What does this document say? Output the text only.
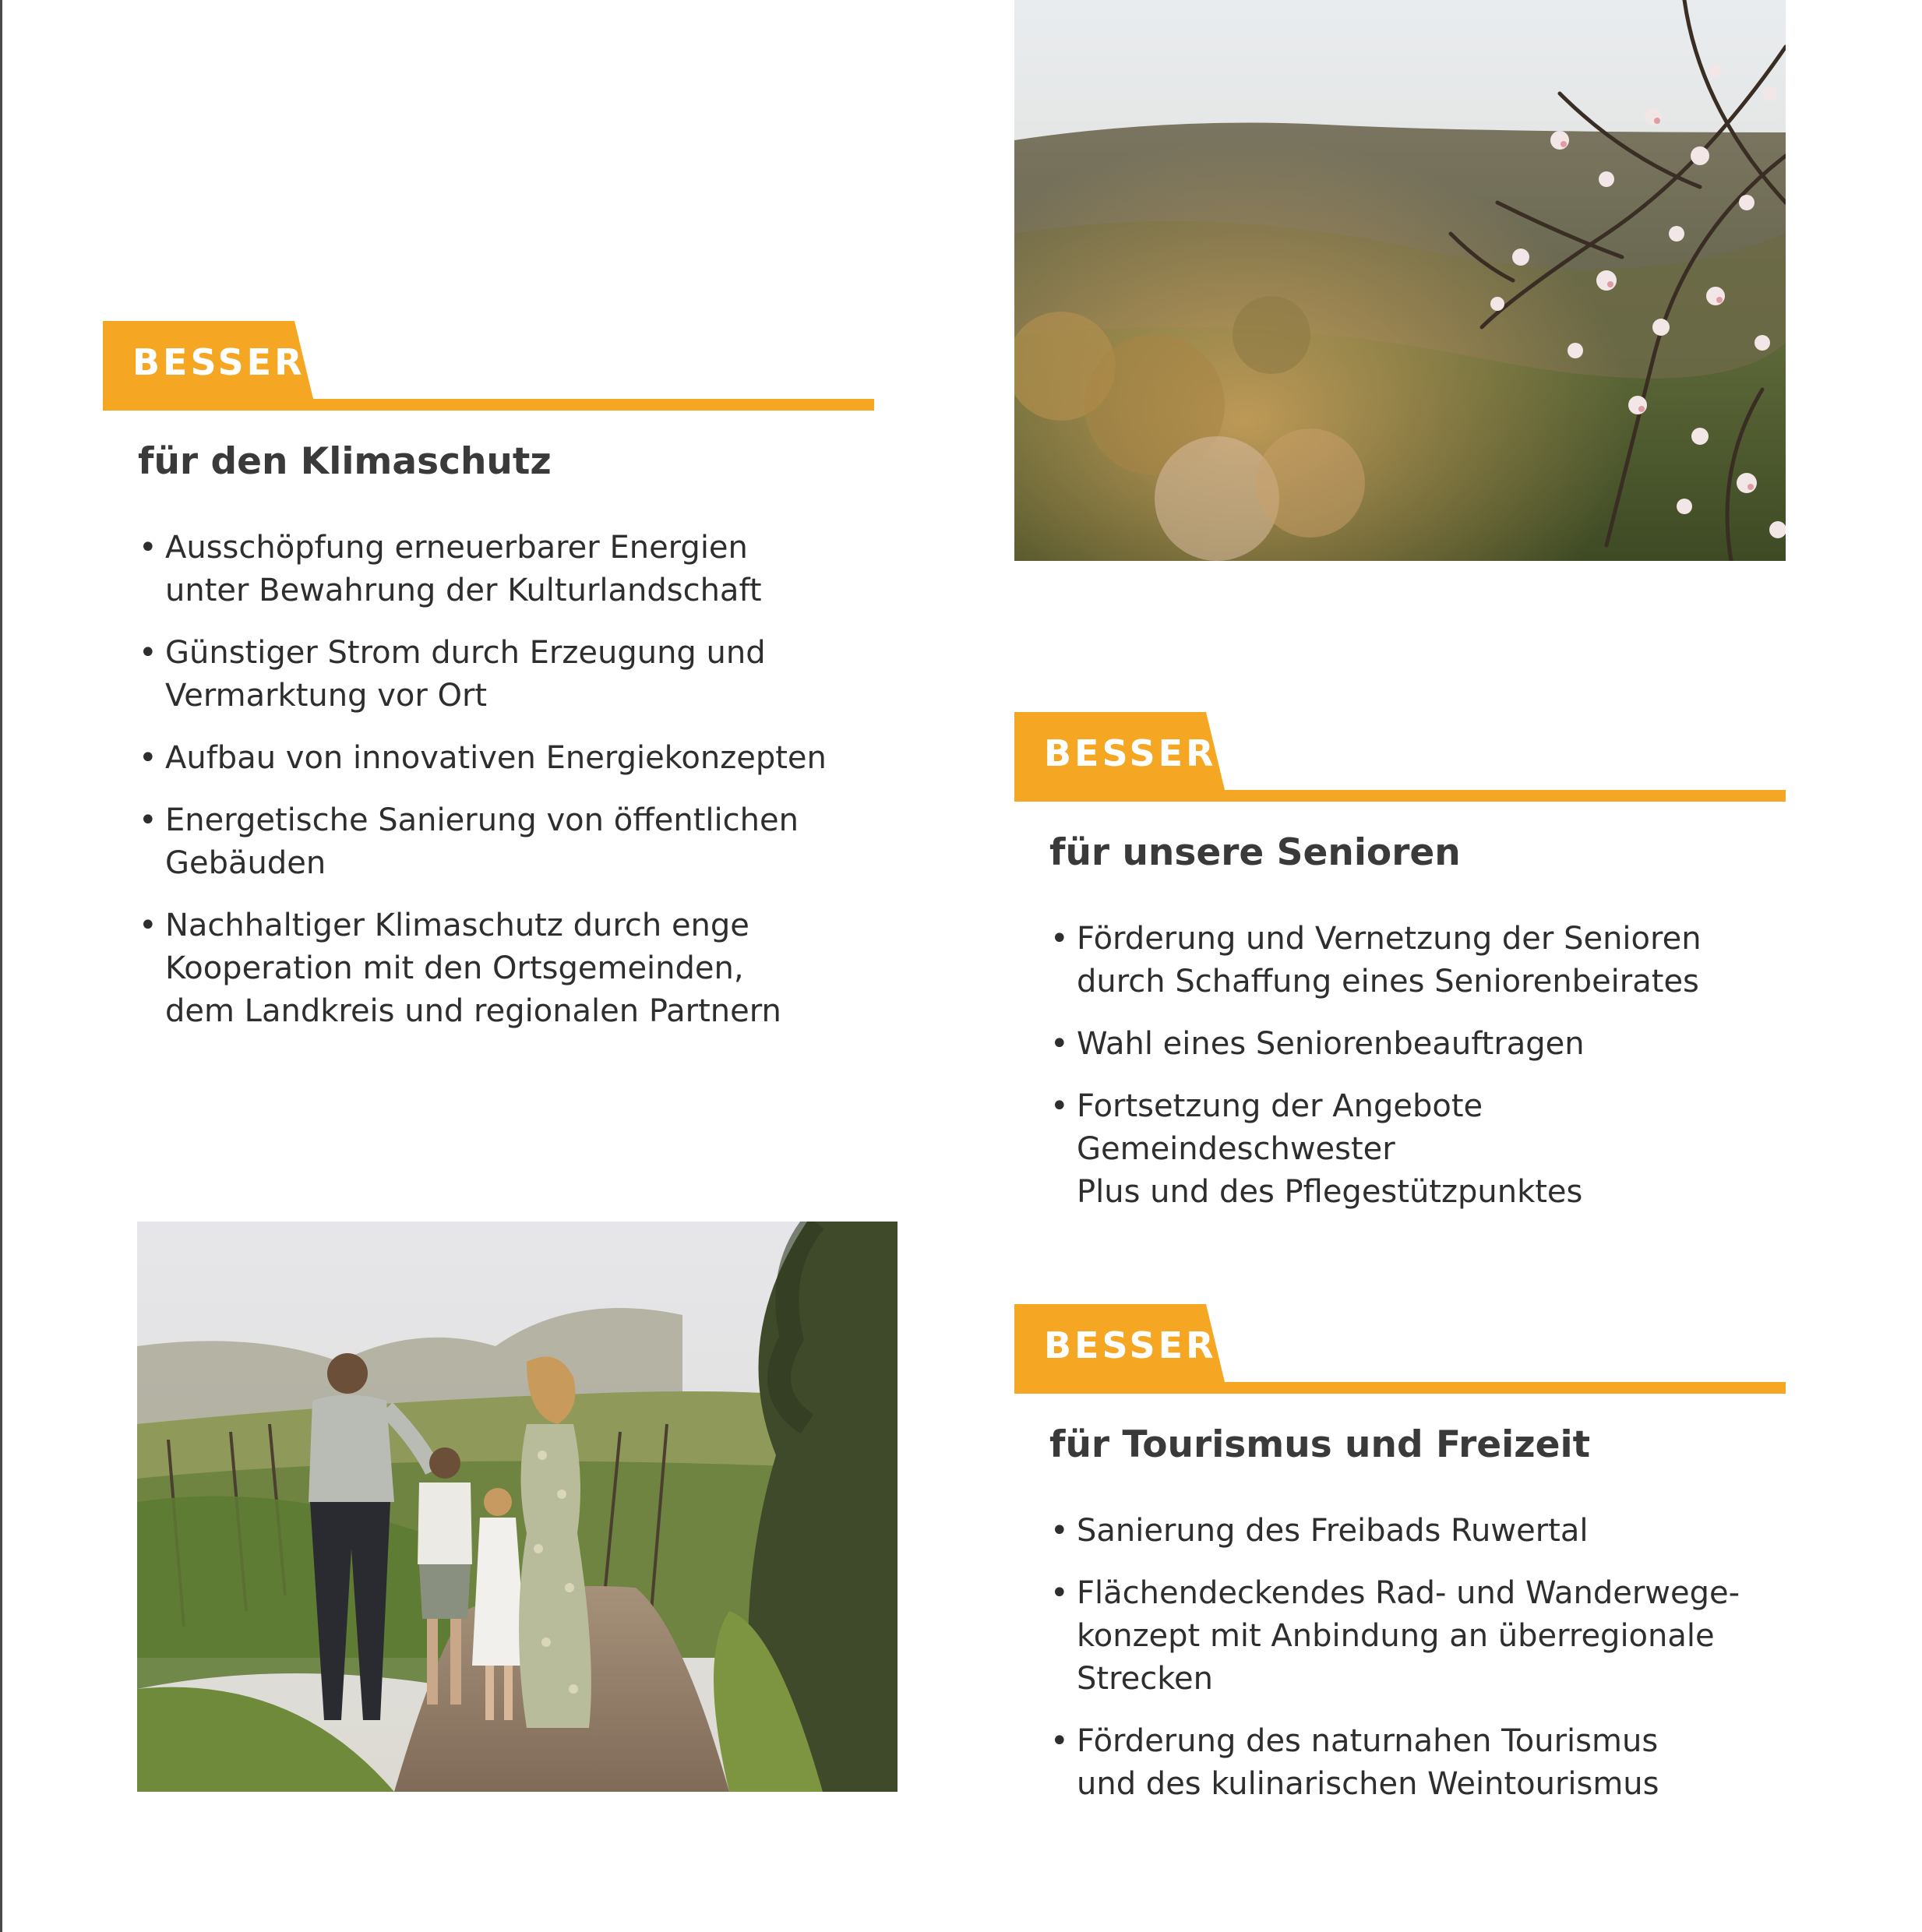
BESSER
für den Klimaschutz
• Ausschöpfung erneuerbarer Energien
unter Bewahrung der Kulturlandschaft
• Günstiger Strom durch Erzeugung und
Vermarktung vor Ort
• Aufbau von innovativen Energiekonzepten
• Energetische Sanierung von öffentlichen
Gebäuden
• Nachhaltiger Klimaschutz durch enge
Kooperation mit den Ortsgemeinden,
dem Landkreis und regionalen Partnern
BESSER
für unsere Senioren
• Förderung und Vernetzung der Senioren
durch Schaffung eines Seniorenbeirates
• Wahl eines Seniorenbeauftragen
• Fortsetzung der Angebote Gemeindeschwester
Plus und des Pflegestützpunktes
BESSER
für Tourismus und Freizeit
• Sanierung des Freibads Ruwertal
• Flächendeckendes Rad- und Wanderwege-
konzept mit Anbindung an überregionale
Strecken
• Förderung des naturnahen Tourismus
und des kulinarischen Weintourismus
